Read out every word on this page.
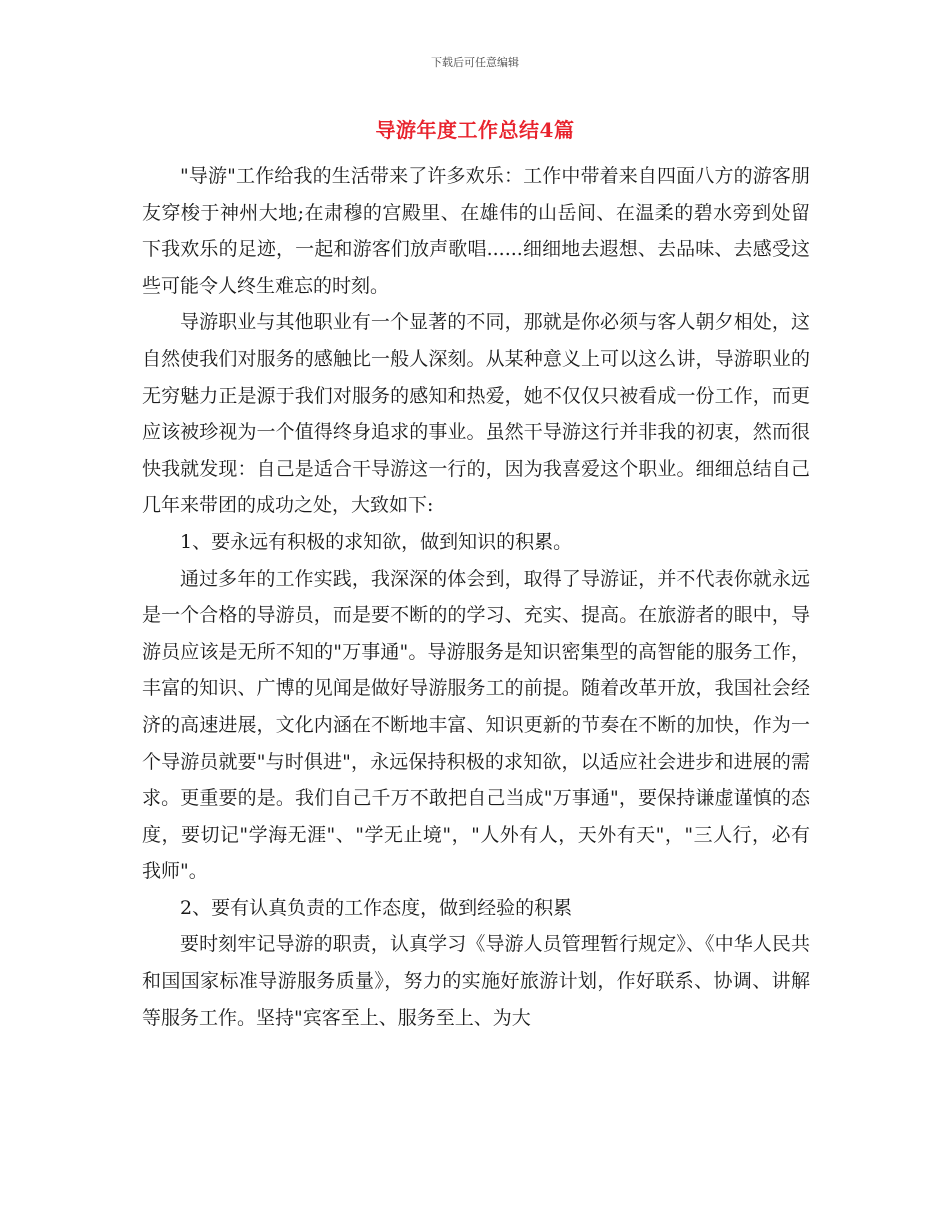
下载后可任意编辑
导游年度工作总结4篇

"导游"工作给我的生活带来了许多欢乐：工作中带着来自四面八方的游客朋友穿梭于神州大地;在肃穆的宫殿里、在雄伟的山岳间、在温柔的碧水旁到处留下我欢乐的足迹，一起和游客们放声歌唱......细细地去遐想、去品味、去感受这些可能令人终生难忘的时刻。

导游职业与其他职业有一个显著的不同，那就是你必须与客人朝夕相处，这自然使我们对服务的感触比一般人深刻。从某种意义上可以这么讲，导游职业的无穷魅力正是源于我们对服务的感知和热爱，她不仅仅只被看成一份工作，而更应该被珍视为一个值得终身追求的事业。虽然干导游这行并非我的初衷，然而很快我就发现：自己是适合干导游这一行的，因为我喜爱这个职业。细细总结自己几年来带团的成功之处，大致如下:

1、要永远有积极的求知欲，做到知识的积累。

通过多年的工作实践，我深深的体会到，取得了导游证，并不代表你就永远是一个合格的导游员，而是要不断的的学习、充实、提高。在旅游者的眼中，导游员应该是无所不知的"万事通"。导游服务是知识密集型的高智能的服务工作，丰富的知识、广博的见闻是做好导游服务工的前提。随着改革开放，我国社会经济的高速进展，文化内涵在不断地丰富、知识更新的节奏在不断的加快，作为一个导游员就要"与时俱进"，永远保持积极的求知欲，以适应社会进步和进展的需求。更重要的是。我们自己千万不敢把自己当成"万事通"，要保持谦虚谨慎的态度，要切记"学海无涯"、"学无止境"，"人外有人，天外有天"，"三人行，必有我师"。

2、要有认真负责的工作态度，做到经验的积累

要时刻牢记导游的职责，认真学习《导游人员管理暂行规定》、《中华人民共和国国家标准导游服务质量》，努力的实施好旅游计划，作好联系、协调、讲解等服务工作。坚持"宾客至上、服务至上、为大
